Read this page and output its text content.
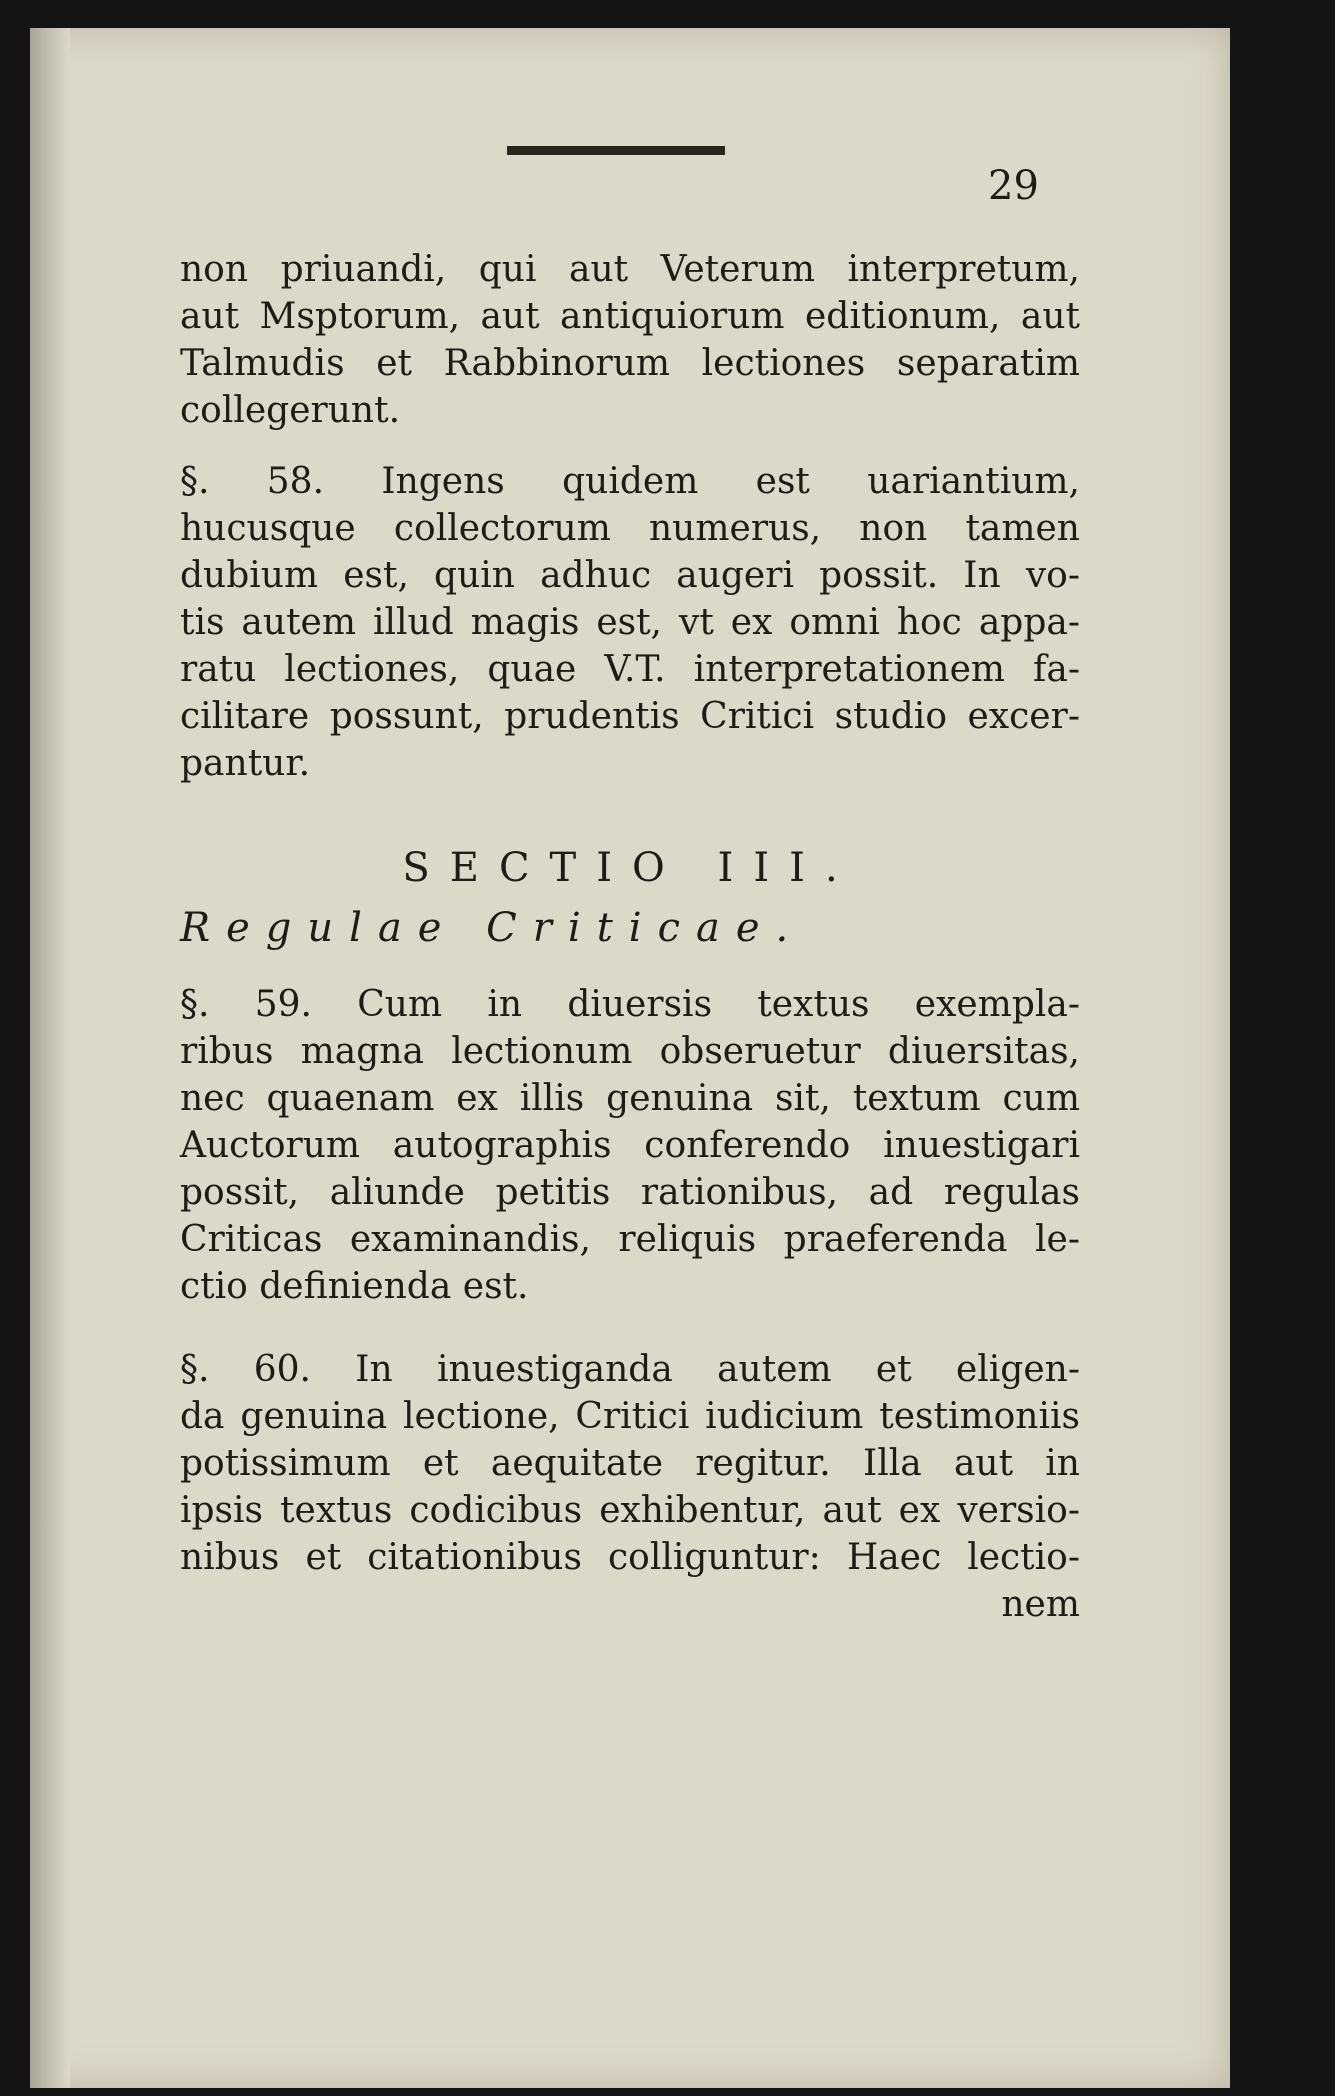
29
non priuandi, qui aut Veterum interpretum,
aut Msptorum, aut antiquiorum editionum, aut
Talmudis et Rabbinorum lectiones separatim
collegerunt.
§. 58. Ingens quidem est uariantium,
hucusque collectorum numerus, non tamen
dubium est, quin adhuc augeri possit. In vo-
tis autem illud magis est, vt ex omni hoc appa-
ratu lectiones, quae V.T. interpretationem fa-
cilitare possunt, prudentis Critici studio excer-
pantur.
SECTIO III.
Regulae Criticae.
§. 59. Cum in diuersis textus exempla-
ribus magna lectionum obseruetur diuersitas,
nec quaenam ex illis genuina sit, textum cum
Auctorum autographis conferendo inuestigari
possit, aliunde petitis rationibus, ad regulas
Criticas examinandis, reliquis praeferenda le-
ctio definienda est.
§. 60. In inuestiganda autem et eligen-
da genuina lectione, Critici iudicium testimoniis
potissimum et aequitate regitur. Illa aut in
ipsis textus codicibus exhibentur, aut ex versio-
nibus et citationibus colliguntur: Haec lectio-
nem
